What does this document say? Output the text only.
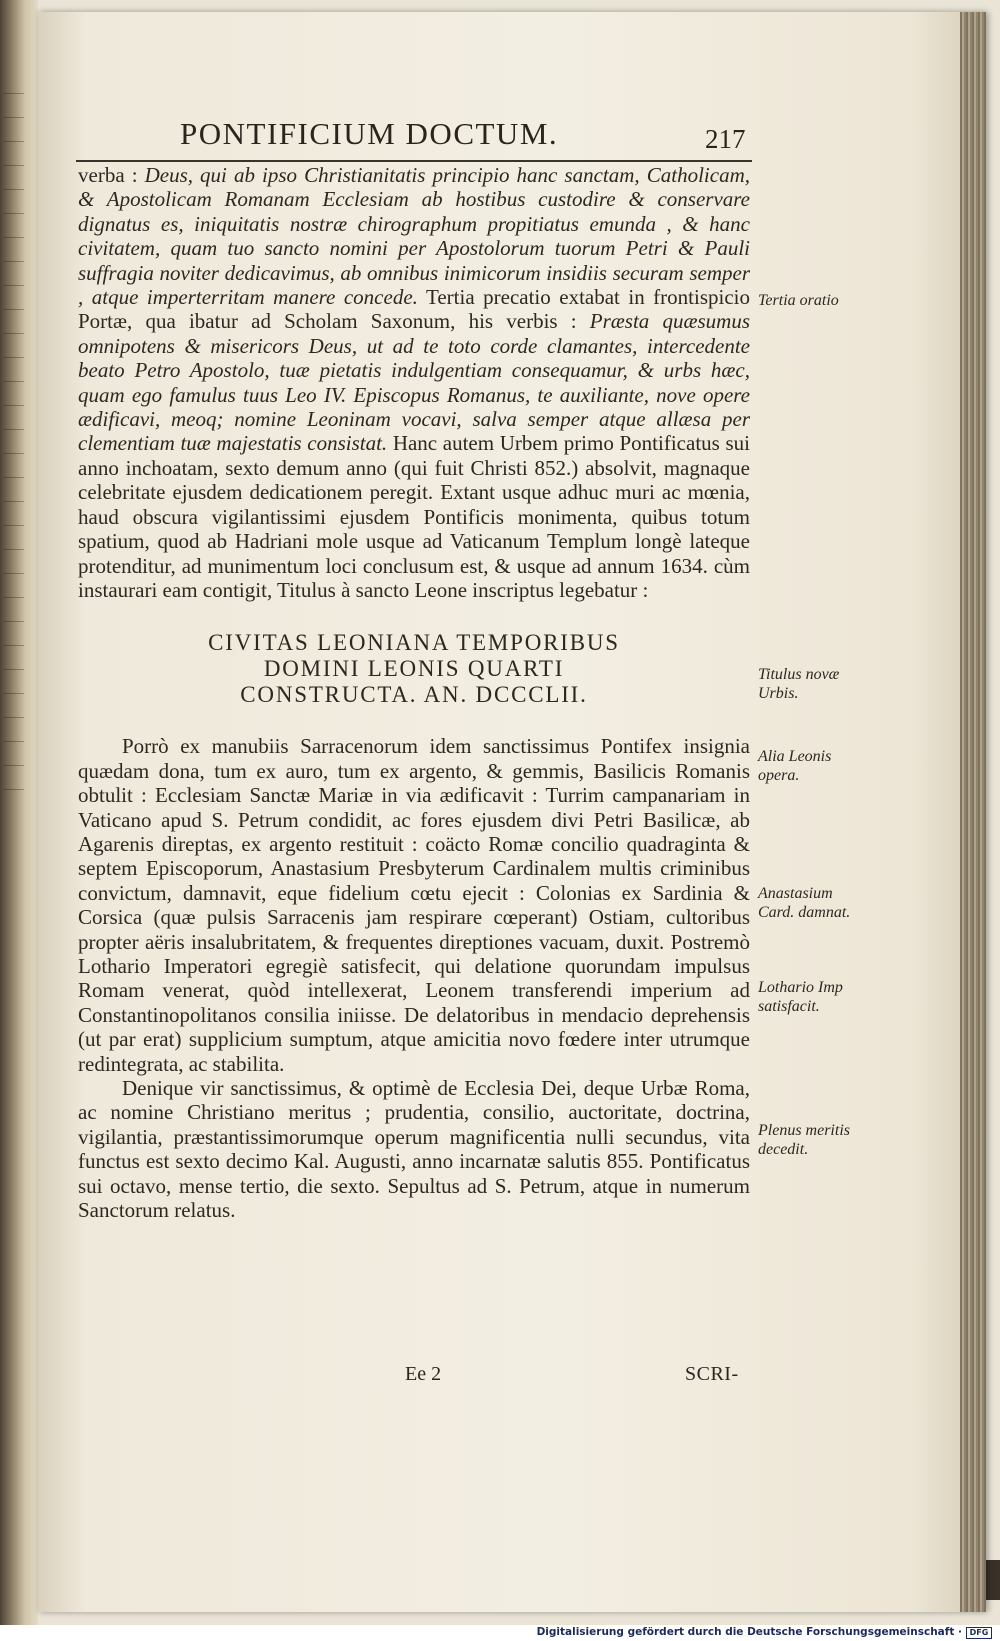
PONTIFICIUM DOCTUM.	217

verba : Deus, qui ab ipso Christianitatis principio hanc sanctam, Catholicam, & Apostolicam Romanam Ecclesiam ab hostibus custodire & conservare dignatus es, iniquitatis nostræ chirographum propitiatus emunda , & hanc civitatem, quam tuo sancto nomini per Apostolorum tuorum Petri & Pauli suffragia noviter dedicavimus, ab omnibus inimicorum insidiis securam semper , atque imperterritam manere concede. Tertia precatio extabat in frontispicio Portæ, qua ibatur ad Scholam Saxonum, his verbis : Præsta quæsumus omnipotens & misericors Deus, ut ad te toto corde clamantes, intercedente beato Petro Apostolo, tuæ pietatis indulgentiam consequamur, & urbs hæc, quam ego famulus tuus Leo IV. Episcopus Romanus, te auxiliante, nove opere ædificavi, meoq; nomine Leoninam vocavi, salva semper atque allæsa per clementiam tuæ majestatis consistat. Hanc autem Urbem primo Pontificatus sui anno inchoatam, sexto demum anno (qui fuit Christi 852.) absolvit, magnaque celebritate ejusdem dedicationem peregit. Extant usque adhuc muri ac mœnia, haud obscura vigilantissimi ejusdem Pontificis monimenta, quibus totum spatium, quod ab Hadriani mole usque ad Vaticanum Templum longè lateque protenditur, ad munimentum loci conclusum est, & usque ad annum 1634. cùm instaurari eam contigit, Titulus à sancto Leone inscriptus legebatur :

CIVITAS LEONIANA TEMPORIBUS
DOMINI LEONIS QUARTI
CONSTRUCTA. AN. DCCCLII.

Porrò ex manubiis Sarracenorum idem sanctissimus Pontifex insignia quædam dona, tum ex auro, tum ex argento, & gemmis, Basilicis Romanis obtulit : Ecclesiam Sanctæ Mariæ in via ædificavit : Turrim campanariam in Vaticano apud S. Petrum condidit, ac fores ejusdem divi Petri Basilicæ, ab Agarenis direptas, ex argento restituit : coäcto Romæ concilio quadraginta & septem Episcoporum, Anastasium Presbyterum Cardinalem multis criminibus convictum, damnavit, eque fidelium cœtu ejecit : Colonias ex Sardinia & Corsica (quæ pulsis Sarracenis jam respirare cœperant) Ostiam, cultoribus propter aëris insalubritatem, & frequentes direptiones vacuam, duxit. Postremò Lothario Imperatori egregiè satisfecit, qui delatione quorundam impulsus Romam venerat, quòd intellexerat, Leonem transferendi imperium ad Constantinopolitanos consilia iniisse. De delatoribus in mendacio deprehensis (ut par erat) supplicium sumptum, atque amicitia novo fœdere inter utrumque redintegrata, ac stabilita.

Denique vir sanctissimus, & optimè de Ecclesia Dei, deque Urbæ Roma, ac nomine Christiano meritus ; prudentia, consilio, auctoritate, doctrina, vigilantia, præstantissimorumque operum magnificentia nulli secundus, vita functus est sexto decimo Kal. Augusti, anno incarnatæ salutis 855. Pontificatus sui octavo, mense tertio, die sexto. Sepultus ad S. Petrum, atque in numerum Sanctorum relatus.

Tertia oratio
Titulus novæ Urbis.
Alia Leonis opera.
Anastasium Card. damnat.
Lothario Imp satisfacit.
Plenus meritis decedit.
Ee 2	SCRI-
Digitalisierung gefördert durch die Deutsche Forschungsgemeinschaft · DFG
